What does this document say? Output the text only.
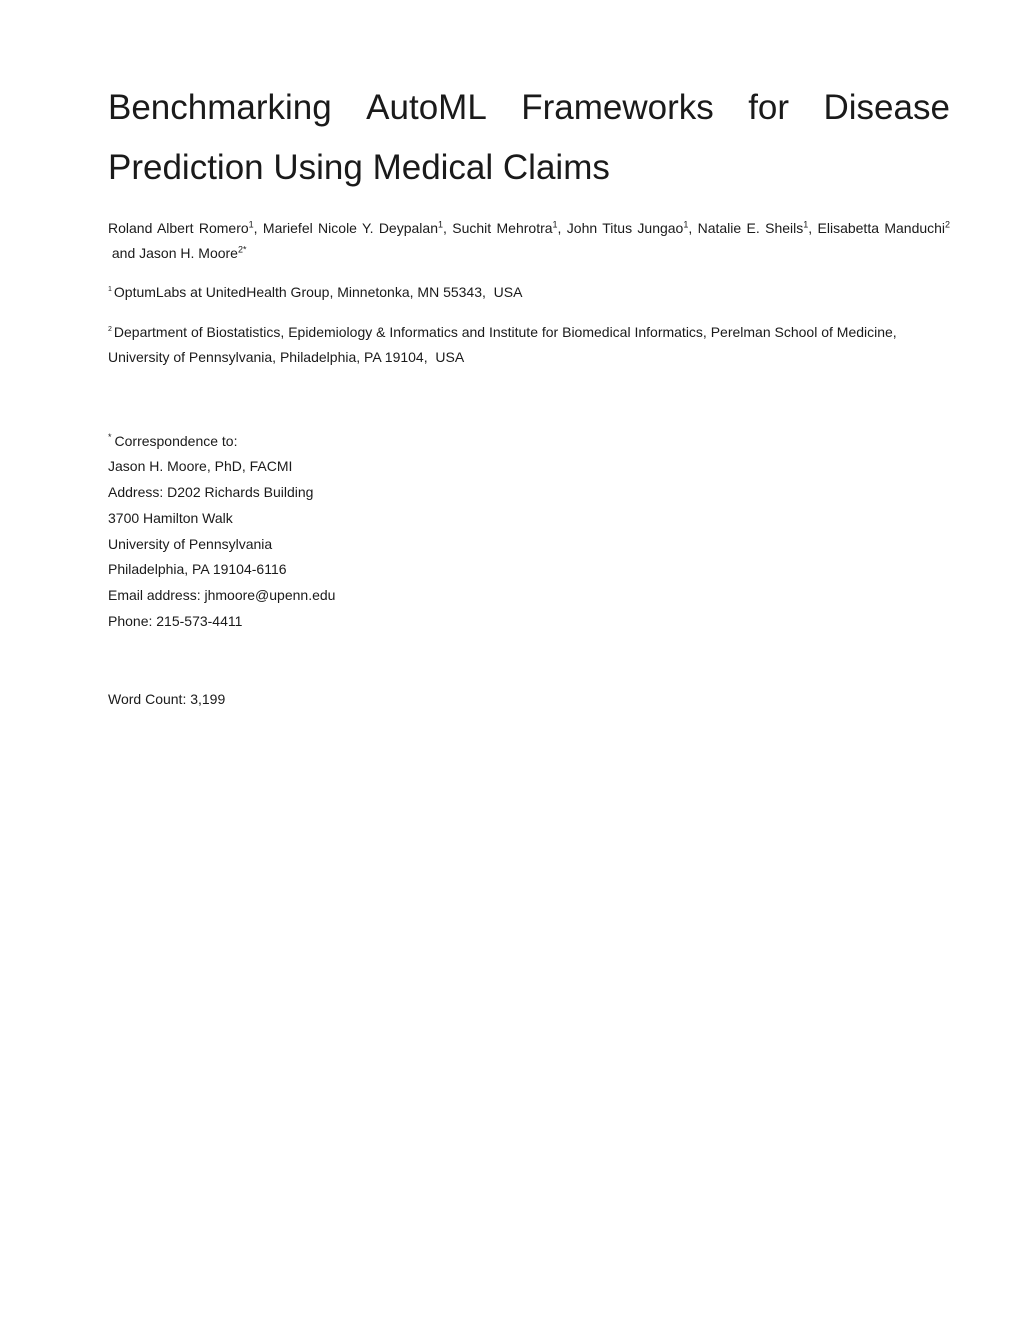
Benchmarking AutoML Frameworks for Disease
Prediction Using Medical Claims
Roland Albert Romero$^1$, Mariefel Nicole Y. Deypalan$^1$, Suchit Mehrotra$^1$, John Titus Jungao$^1$, Natalie E. Sheils$^1$, Elisabetta Manduchi$^2$ and Jason H. Moore$^{2*}$
$^1$ OptumLabs at UnitedHealth Group, Minnetonka, MN 55343,  USA
$^2$ Department of Biostatistics, Epidemiology & Informatics and Institute for Biomedical Informatics, Perelman School of Medicine, University of Pennsylvania, Philadelphia, PA 19104,  USA
* Correspondence to:
Jason H. Moore, PhD, FACMI
Address: D202 Richards Building
3700 Hamilton Walk
University of Pennsylvania
Philadelphia, PA 19104-6116
Email address: jhmoore@upenn.edu
Phone: 215-573-4411
Word Count: 3,199
